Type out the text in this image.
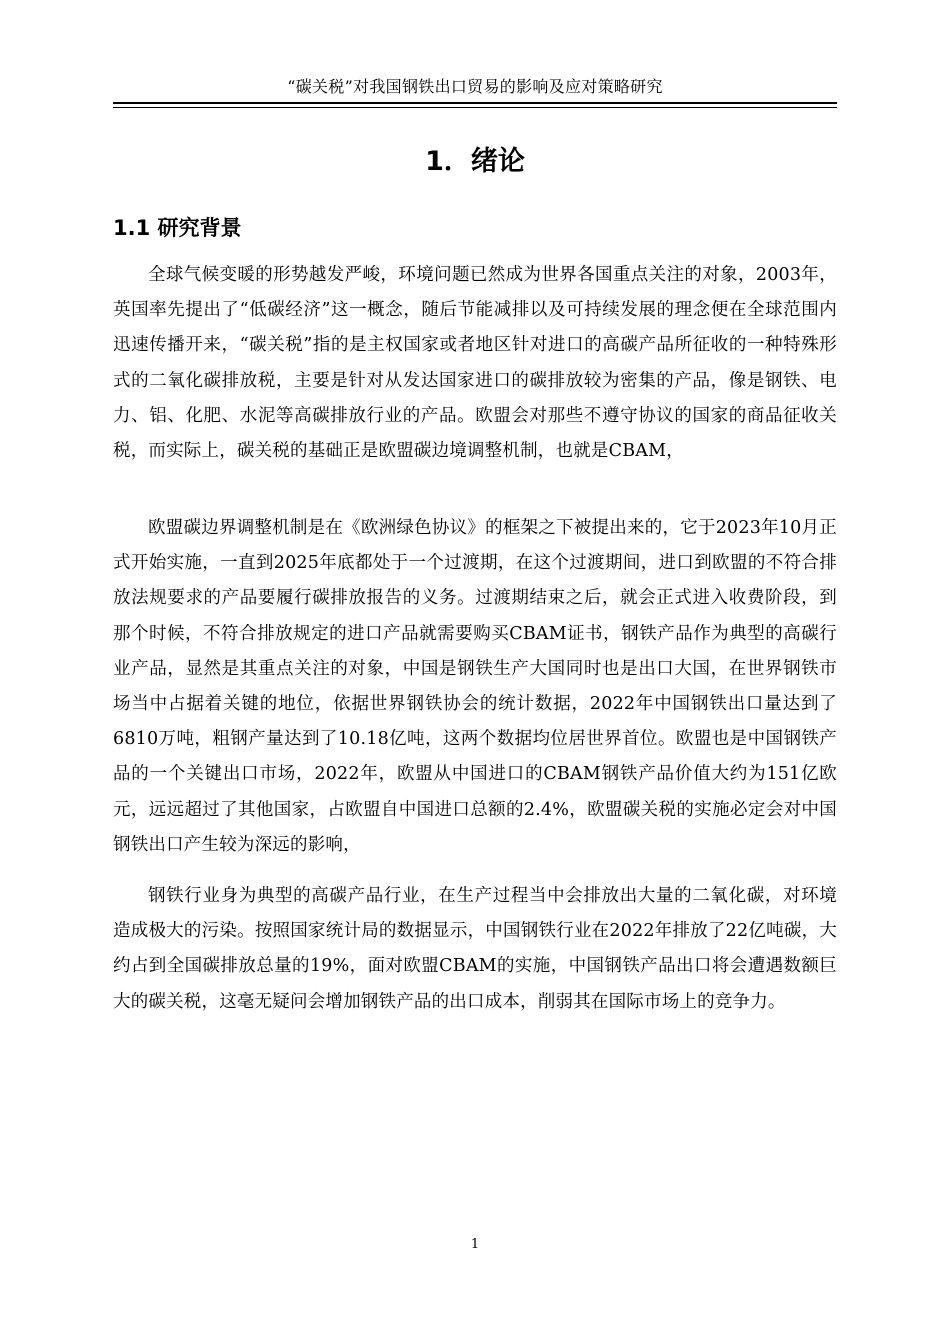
“碳关税”对我国钢铁出口贸易的影响及应对策略研究
1．绪论
1.1 研究背景

全球气候变暖的形势越发严峻，环境问题已然成为世界各国重点关注的对象，2003年，英国率先提出了“低碳经济”这一概念，随后节能减排以及可持续发展的理念便在全球范围内迅速传播开来，“碳关税”指的是主权国家或者地区针对进口的高碳产品所征收的一种特殊形式的二氧化碳排放税，主要是针对从发达国家进口的碳排放较为密集的产品，像是钢铁、电力、铝、化肥、水泥等高碳排放行业的产品。欧盟会对那些不遵守协议的国家的商品征收关税，而实际上，碳关税的基础正是欧盟碳边境调整机制，也就是CBAM，

欧盟碳边界调整机制是在《欧洲绿色协议》的框架之下被提出来的，它于2023年10月正式开始实施，一直到2025年底都处于一个过渡期，在这个过渡期间，进口到欧盟的不符合排放法规要求的产品要履行碳排放报告的义务。过渡期结束之后，就会正式进入收费阶段，到那个时候，不符合排放规定的进口产品就需要购买CBAM证书，钢铁产品作为典型的高碳行业产品，显然是其重点关注的对象，中国是钢铁生产大国同时也是出口大国，在世界钢铁市场当中占据着关键的地位，依据世界钢铁协会的统计数据，2022年中国钢铁出口量达到了6810万吨，粗钢产量达到了10.18亿吨，这两个数据均位居世界首位。欧盟也是中国钢铁产品的一个关键出口市场，2022年，欧盟从中国进口的CBAM钢铁产品价值大约为151亿欧元，远远超过了其他国家，占欧盟自中国进口总额的2.4%，欧盟碳关税的实施必定会对中国钢铁出口产生较为深远的影响，

钢铁行业身为典型的高碳产品行业，在生产过程当中会排放出大量的二氧化碳，对环境造成极大的污染。按照国家统计局的数据显示，中国钢铁行业在2022年排放了22亿吨碳，大约占到全国碳排放总量的19%，面对欧盟CBAM的实施，中国钢铁产品出口将会遭遇数额巨大的碳关税，这毫无疑问会增加钢铁产品的出口成本，削弱其在国际市场上的竞争力。

1
